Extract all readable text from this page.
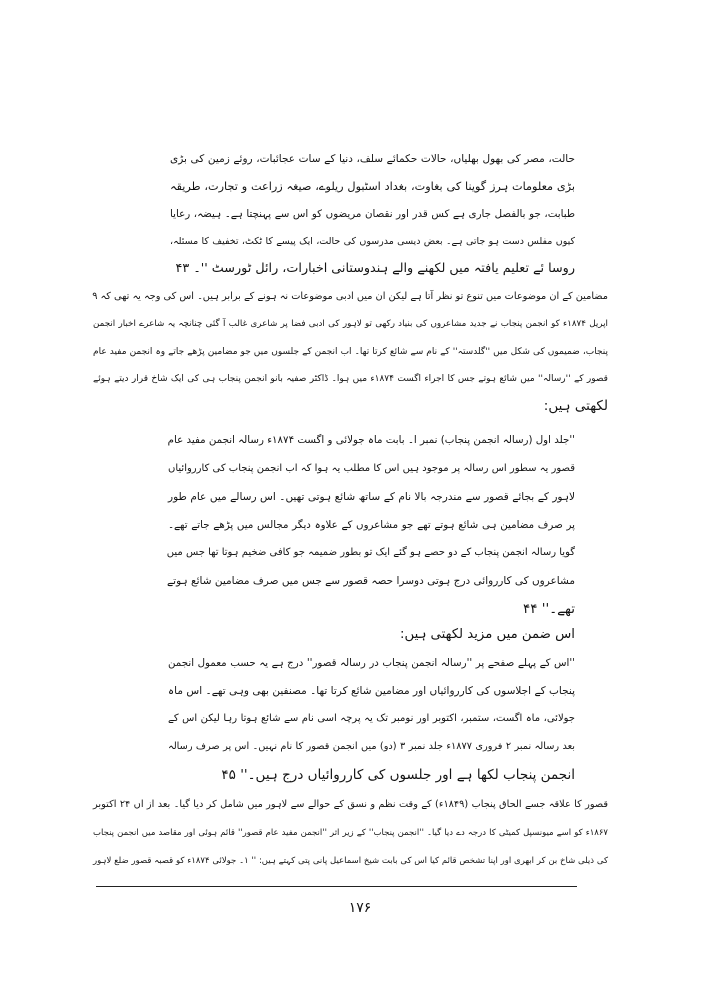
حالت، مصر کی بھول بھلیاں، حالات حکمائے سلف، دنیا کے سات عجائبات، روئے زمین کی بڑی
بڑی معلومات ہرز گوینا کی بغاوت، بغداد اسٹبول ریلوے، صیغہ زراعت و تجارت، طریقہ
طبابت، جو بالفصل جاری ہے کس قدر اور نقصان مریضوں کو اس سے پہنچتا ہے۔ ہیضہ، رعایا
کیوں مفلس دست ہو جاتی ہے۔ بعض دیسی مدرسوں کی حالت، ایک پیسے کا ٹکٹ، تخفیف کا مسئلہ،
روسا ئے تعلیم یافتہ میں لکھنے والے ہندوستانی اخبارات، رائل ٹورسٹ ''۔ ۴۳
مضامین کے ان موضوعات میں تنوع تو نظر آتا ہے لیکن ان میں ادبی موضوعات نہ ہونے کے برابر ہیں۔ اس کی وجہ یہ تھی کہ ۹
اپریل ۱۸۷۴ء کو انجمن پنجاب نے جدید مشاعروں کی بنیاد رکھی تو لاہور کی ادبی فضا پر شاعری غالب آ گئی چنانچہ یہ شاعرے اخبار انجمن
پنجاب، ضمیموں کی شکل میں ''گلدستہ'' کے نام سے شائع کرتا تھا۔ اب انجمن کے جلسوں میں جو مضامین پڑھے جاتے وہ انجمن مفید عام
قصور کے ''رسالہ'' میں شائع ہوتے جس کا اجراء اگست ۱۸۷۴ء میں ہوا۔ ڈاکٹر صفیہ بانو انجمن پنجاب ہی کی ایک شاخ قرار دیتے ہوئے
لکھتی ہیں:
''جلد اول (رسالہ انجمن پنجاب) نمبر ا۔ بابت ماہ جولائی و اگست ۱۸۷۴ء رسالہ انجمن مفید عام
قصور یہ سطور اس رسالہ پر موجود ہیں اس کا مطلب یہ ہوا کہ اب انجمن پنجاب کی کارروائیاں
لاہور کے بجائے قصور سے مندرجہ بالا نام کے ساتھ شائع ہوتی تھیں۔ اس رسالے میں عام طور
پر صرف مضامین ہی شائع ہوتے تھے جو مشاعروں کے علاوہ دیگر مجالس میں پڑھے جاتے تھے۔
گویا رسالہ انجمن پنجاب کے دو حصے ہو گئے ایک تو بطور ضمیمہ جو کافی ضخیم ہوتا تھا جس میں
مشاعروں کی کارروائی درج ہوتی دوسرا حصہ قصور سے جس میں صرف مضامین شائع ہوتے
تھے۔'' ۴۴
اس ضمن میں مزید لکھتی ہیں:
''اس کے پہلے صفحے پر ''رسالہ انجمن پنجاب در رسالہ قصور'' درج ہے یہ حسب معمول انجمن
پنجاب کے اجلاسوں کی کارروائیاں اور مضامین شائع کرتا تھا۔ مصنفین بھی وہی تھے۔ اس ماہ
جولائی، ماہ اگست، ستمبر، اکتوبر اور نومبر تک یہ پرچہ اسی نام سے شائع ہوتا رہا لیکن اس کے
بعد رسالہ نمبر ۲ فروری ۱۸۷۷ء جلد نمبر ۳ (دو) میں انجمن قصور کا نام نہیں۔ اس پر صرف رسالہ
انجمن پنجاب لکھا ہے اور جلسوں کی کارروائیاں درج ہیں۔'' ۴۵
قصور کا علاقہ جسے الحاق پنجاب (۱۸۴۹ء) کے وقت نظم و نسق کے حوالے سے لاہور میں شامل کر دیا گیا۔ بعد از اں ۲۴ اکتوبر
۱۸۶۷ء کو اسے میونسپل کمیٹی کا درجہ دے دیا گیا۔ ''انجمن پنجاب'' کے زیر اثر ''انجمن مفید عام قصور'' قائم ہوئی اور مقاصد میں انجمن پنجاب
کی ذیلی شاخ بن کر ابھری اور اپنا تشخص قائم کیا اس کی بابت شیخ اسماعیل پانی پتی کہتے ہیں: '' ۱۔ جولائی ۱۸۷۴ء کو قصبہ قصور ضلع لاہور
۱۷۶
